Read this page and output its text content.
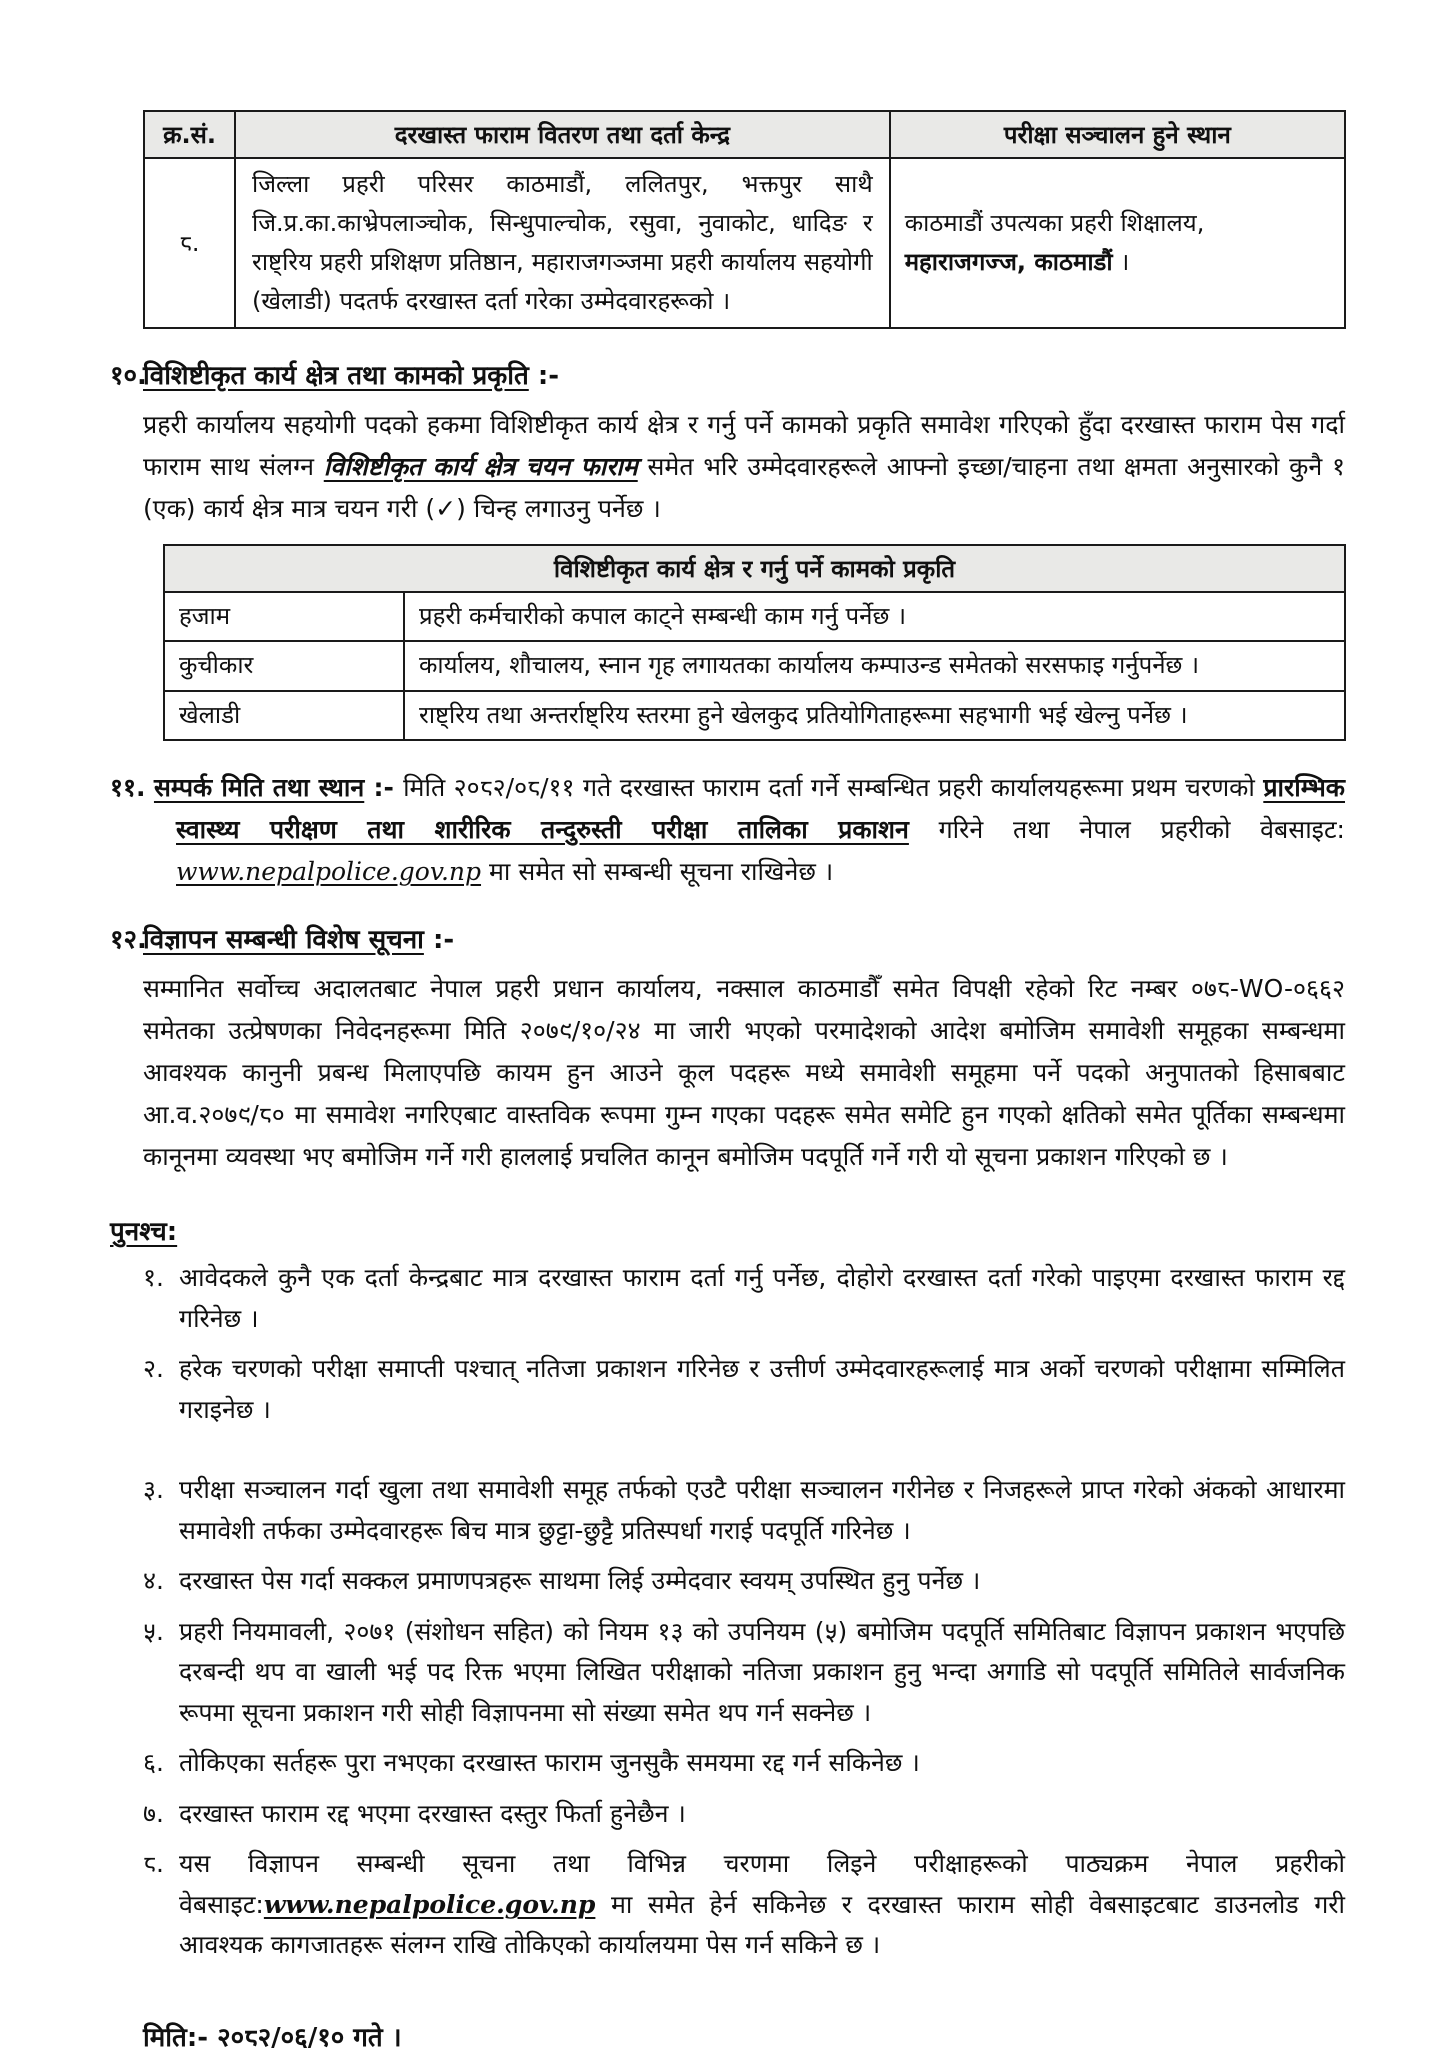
क्र.सं.	दरखास्त फाराम वितरण तथा दर्ता केन्द्र	परीक्षा सञ्चालन हुने स्थान
८.	जिल्ला प्रहरी परिसर काठमाडौं, ललितपुर, भक्तपुर साथै जि.प्र.का.काभ्रेपलाञ्चोक, सिन्धुपाल्चोक, रसुवा, नुवाकोट, धादिङ र राष्ट्रिय प्रहरी प्रशिक्षण प्रतिष्ठान, महाराजगञ्जमा प्रहरी कार्यालय सहयोगी (खेलाडी) पदतर्फ दरखास्त दर्ता गरेका उम्मेदवारहरूको ।	काठमाडौं उपत्यका प्रहरी शिक्षालय, महाराजगज्ज, काठमाडौं ।
१०.
विशिष्टीकृत कार्य क्षेत्र तथा कामको प्रकृति :-
प्रहरी कार्यालय सहयोगी पदको हकमा विशिष्टीकृत कार्य क्षेत्र र गर्नु पर्ने कामको प्रकृति समावेश गरिएको हुँदा दरखास्त फाराम पेस गर्दा फाराम साथ संलग्न विशिष्टीकृत कार्य क्षेत्र चयन फाराम समेत भरि उम्मेदवारहरूले आफ्नो इच्छा/चाहना तथा क्षमता अनुसारको कुनै १ (एक) कार्य क्षेत्र मात्र चयन गरी (✓) चिन्ह लगाउनु पर्नेछ ।
विशिष्टीकृत कार्य क्षेत्र र गर्नु पर्ने कामको प्रकृति	
हजाम	प्रहरी कर्मचारीको कपाल काट्ने सम्बन्धी काम गर्नु पर्नेछ ।
कुचीकार	कार्यालय, शौचालय, स्नान गृह लगायतका कार्यालय कम्पाउन्ड समेतको सरसफाइ गर्नुपर्नेछ ।
खेलाडी	राष्ट्रिय तथा अन्तर्राष्ट्रिय स्तरमा हुने खेलकुद प्रतियोगिताहरूमा सहभागी भई खेल्नु पर्नेछ ।
११. सम्पर्क मिति तथा स्थान :- मिति २०८२/०८/११ गते दरखास्त फाराम दर्ता गर्ने सम्बन्धित प्रहरी कार्यालयहरूमा प्रथम चरणको प्रारम्भिक स्वास्थ्य परीक्षण तथा शारीरिक तन्दुरुस्ती परीक्षा तालिका प्रकाशन गरिने तथा नेपाल प्रहरीको वेबसाइट: www.nepalpolice.gov.np मा समेत सो सम्बन्धी सूचना राखिनेछ ।
१२.
विज्ञापन सम्बन्धी विशेष सूचना :-
सम्मानित सर्वोच्च अदालतबाट नेपाल प्रहरी प्रधान कार्यालय, नक्साल काठमाडौँ समेत विपक्षी रहेको रिट नम्बर ०७८-WO-०६६२ समेतका उत्प्रेषणका निवेदनहरूमा मिति २०७९/१०/२४ मा जारी भएको परमादेशको आदेश बमोजिम समावेशी समूहका सम्बन्धमा आवश्यक कानुनी प्रबन्ध मिलाएपछि कायम हुन आउने कूल पदहरू मध्ये समावेशी समूहमा पर्ने पदको अनुपातको हिसाबबाट आ.व.२०७९/८० मा समावेश नगरिएबाट वास्तविक रूपमा गुम्न गएका पदहरू समेत समेटि हुन गएको क्षतिको समेत पूर्तिका सम्बन्धमा कानूनमा व्यवस्था भए बमोजिम गर्ने गरी हाललाई प्रचलित कानून बमोजिम पदपूर्ति गर्ने गरी यो सूचना प्रकाशन गरिएको छ ।
पुनश्च:
१. आवेदकले कुनै एक दर्ता केन्द्रबाट मात्र दरखास्त फाराम दर्ता गर्नु पर्नेछ, दोहोरो दरखास्त दर्ता गरेको पाइएमा दरखास्त फाराम रद्द गरिनेछ ।
२. हरेक चरणको परीक्षा समाप्ती पश्चात् नतिजा प्रकाशन गरिनेछ र उत्तीर्ण उम्मेदवारहरूलाई मात्र अर्को चरणको परीक्षामा सम्मिलित गराइनेछ ।
३. परीक्षा सञ्चालन गर्दा खुला तथा समावेशी समूह तर्फको एउटै परीक्षा सञ्चालन गरीनेछ र निजहरूले प्राप्त गरेको अंकको आधारमा समावेशी तर्फका उम्मेदवारहरू बिच मात्र छुट्टा-छुट्टै प्रतिस्पर्धा गराई पदपूर्ति गरिनेछ ।
४. दरखास्त पेस गर्दा सक्कल प्रमाणपत्रहरू साथमा लिई उम्मेदवार स्वयम् उपस्थित हुनु पर्नेछ ।
५. प्रहरी नियमावली, २०७१ (संशोधन सहित) को नियम १३ को उपनियम (५) बमोजिम पदपूर्ति समितिबाट विज्ञापन प्रकाशन भएपछि दरबन्दी थप वा खाली भई पद रिक्त भएमा लिखित परीक्षाको नतिजा प्रकाशन हुनु भन्दा अगाडि सो पदपूर्ति समितिले सार्वजनिक रूपमा सूचना प्रकाशन गरी सोही विज्ञापनमा सो संख्या समेत थप गर्न सक्नेछ ।
६. तोकिएका सर्तहरू पुरा नभएका दरखास्त फाराम जुनसुकै समयमा रद्द गर्न सकिनेछ ।
७. दरखास्त फाराम रद्द भएमा दरखास्त दस्तुर फिर्ता हुनेछैन ।
८. यस विज्ञापन सम्बन्धी सूचना तथा विभिन्न चरणमा लिइने परीक्षाहरूको पाठ्यक्रम नेपाल प्रहरीको वेबसाइट:www.nepalpolice.gov.np मा समेत हेर्न सकिनेछ र दरखास्त फाराम सोही वेबसाइटबाट डाउनलोड गरी आवश्यक कागजातहरू संलग्न राखि तोकिएको कार्यालयमा पेस गर्न सकिने छ ।
मिति:- २०८२/०६/१० गते ।
